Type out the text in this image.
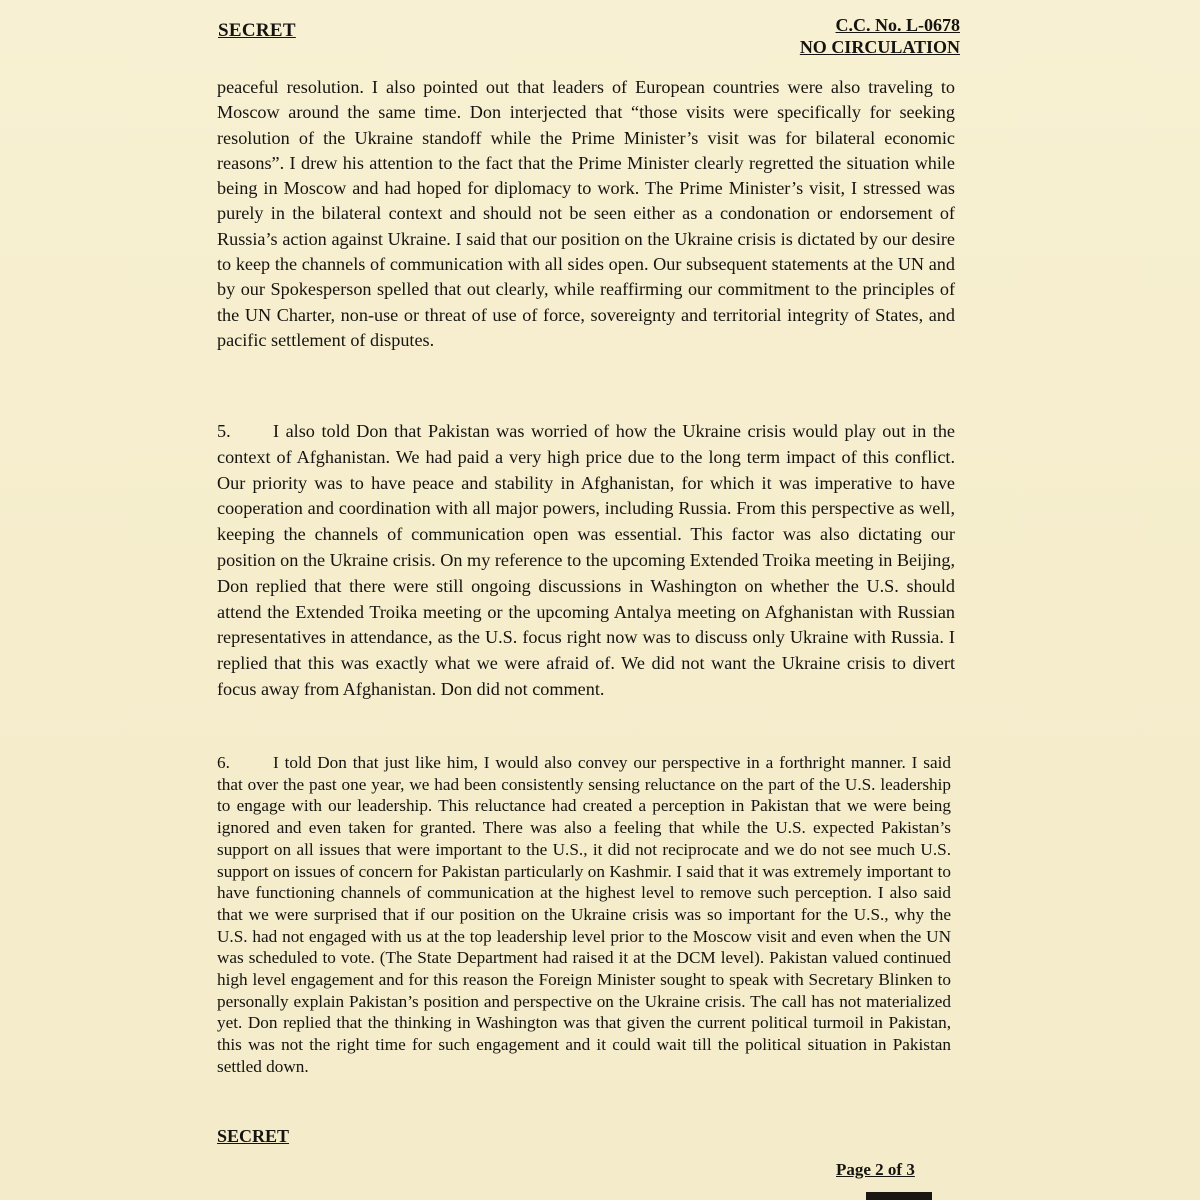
SECRET	C.C. No. L-0678
NO CIRCULATION
peaceful resolution. I also pointed out that leaders of European countries were also traveling to Moscow around the same time. Don interjected that “those visits were specifically for seeking resolution of the Ukraine standoff while the Prime Minister’s visit was for bilateral economic reasons”. I drew his attention to the fact that the Prime Minister clearly regretted the situation while being in Moscow and had hoped for diplomacy to work. The Prime Minister’s visit, I stressed was purely in the bilateral context and should not be seen either as a condonation or endorsement of Russia’s action against Ukraine. I said that our position on the Ukraine crisis is dictated by our desire to keep the channels of communication with all sides open. Our subsequent statements at the UN and by our Spokesperson spelled that out clearly, while reaffirming our commitment to the principles of the UN Charter, non-use or threat of use of force, sovereignty and territorial integrity of States, and pacific settlement of disputes.
5. I also told Don that Pakistan was worried of how the Ukraine crisis would play out in the context of Afghanistan. We had paid a very high price due to the long term impact of this conflict. Our priority was to have peace and stability in Afghanistan, for which it was imperative to have cooperation and coordination with all major powers, including Russia. From this perspective as well, keeping the channels of communication open was essential. This factor was also dictating our position on the Ukraine crisis. On my reference to the upcoming Extended Troika meeting in Beijing, Don replied that there were still ongoing discussions in Washington on whether the U.S. should attend the Extended Troika meeting or the upcoming Antalya meeting on Afghanistan with Russian representatives in attendance, as the U.S. focus right now was to discuss only Ukraine with Russia. I replied that this was exactly what we were afraid of. We did not want the Ukraine crisis to divert focus away from Afghanistan. Don did not comment.
6.	I told Don that just like him, I would also convey our perspective in a forthright manner. I said that over the past one year, we had been consistently sensing reluctance on the part of the U.S. leadership to engage with our leadership. This reluctance had created a perception in Pakistan that we were being ignored and even taken for granted. There was also a feeling that while the U.S. expected Pakistan’s support on all issues that were important to the U.S., it did not reciprocate and we do not see much U.S. support on issues of concern for Pakistan particularly on Kashmir. I said that it was extremely important to have functioning channels of communication at the highest level to remove such perception. I also said that we were surprised that if our position on the Ukraine crisis was so important for the U.S., why the U.S. had not engaged with us at the top leadership level prior to the Moscow visit and even when the UN was scheduled to vote. (The State Department had raised it at the DCM level). Pakistan valued continued high level engagement and for this reason the Foreign Minister sought to speak with Secretary Blinken to personally explain Pakistan’s position and perspective on the Ukraine crisis. The call has not materialized yet. Don replied that the thinking in Washington was that given the current political turmoil in Pakistan, this was not the right time for such engagement and it could wait till the political situation in Pakistan settled down.
SECRET
Page 2 of 3
